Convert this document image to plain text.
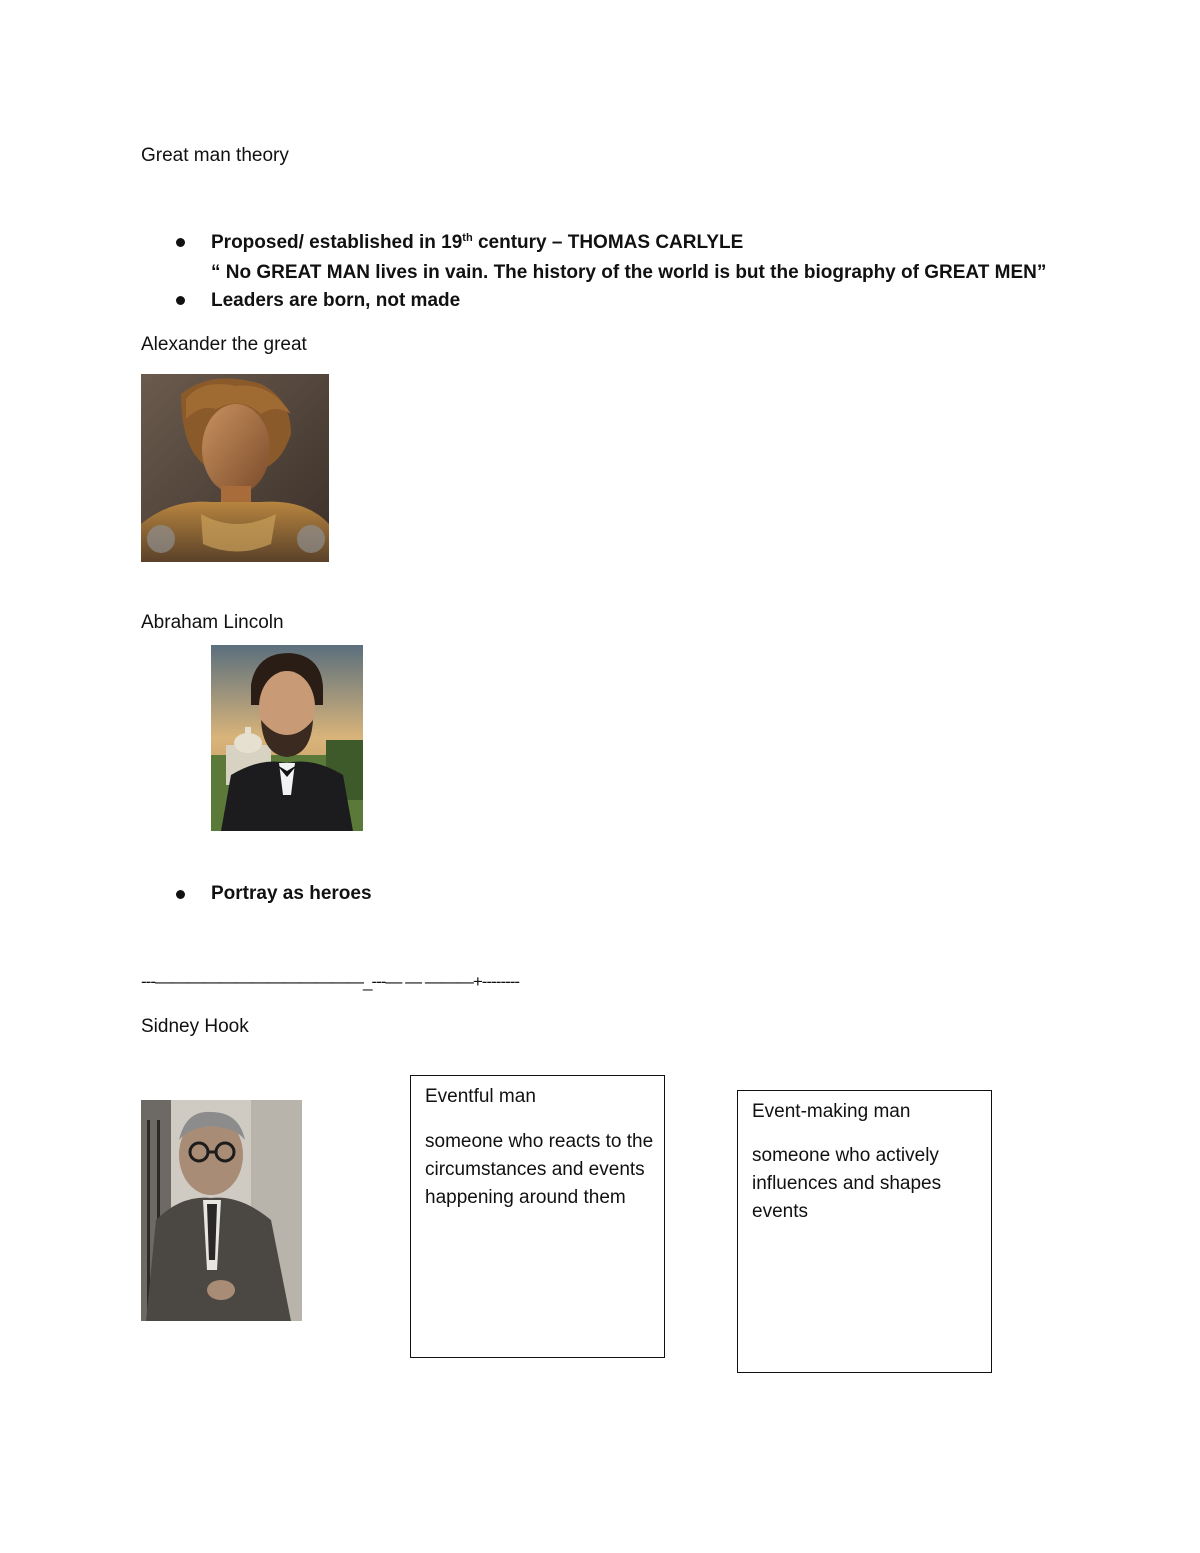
Great man theory
Proposed/ established in 19th century – THOMAS CARLYLE
“ No GREAT MAN lives in vain. The history of the world is but the biography of GREAT MEN”
Leaders are born, not made
Alexander the great
Abraham Lincoln
Portray as heroes
---—————————————_---— — ———+--------
Sidney Hook
Eventful man
someone who reacts to the circumstances and events happening around them
Event-making man
someone who actively influences and shapes events
